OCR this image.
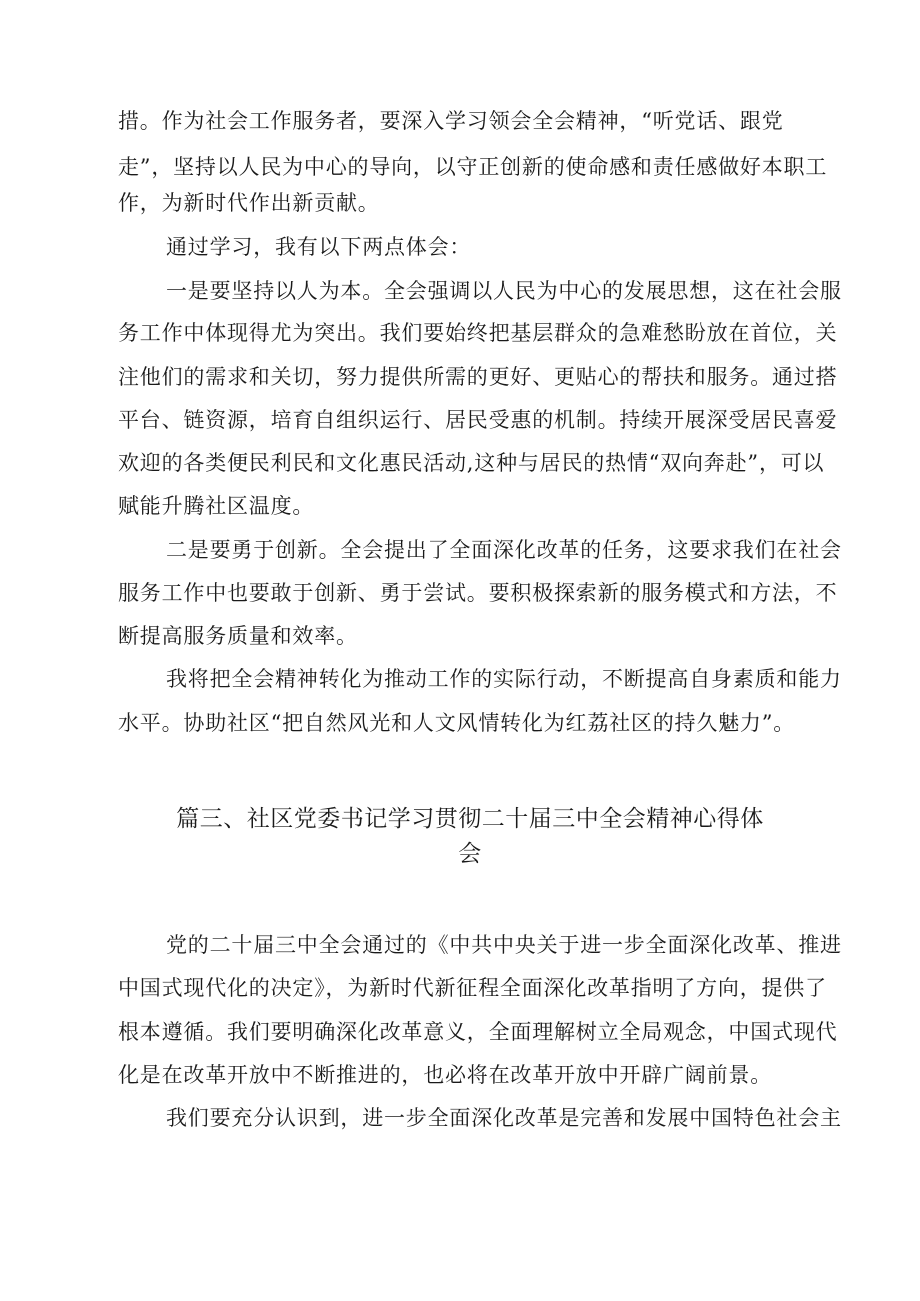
措。作为社会工作服务者，要深入学习领会全会精神，“听党话、跟党
走”，坚持以人民为中心的导向，以守正创新的使命感和责任感做好本职工
作，为新时代作出新贡献。
通过学习，我有以下两点体会：
一是要坚持以人为本。全会强调以人民为中心的发展思想，这在社会服
务工作中体现得尤为突出。我们要始终把基层群众的急难愁盼放在首位，关
注他们的需求和关切，努力提供所需的更好、更贴心的帮扶和服务。通过搭
平台、链资源，培育自组织运行、居民受惠的机制。持续开展深受居民喜爱
欢迎的各类便民利民和文化惠民活动,这种与居民的热情“双向奔赴”，可以
赋能升腾社区温度。
二是要勇于创新。全会提出了全面深化改革的任务，这要求我们在社会
服务工作中也要敢于创新、勇于尝试。要积极探索新的服务模式和方法，不
断提高服务质量和效率。
我将把全会精神转化为推动工作的实际行动，不断提高自身素质和能力
水平。协助社区“把自然风光和人文风情转化为红荔社区的持久魅力”。
篇三、社区党委书记学习贯彻二十届三中全会精神心得体
会
党的二十届三中全会通过的《中共中央关于进一步全面深化改革、推进
中国式现代化的决定》，为新时代新征程全面深化改革指明了方向，提供了
根本遵循。我们要明确深化改革意义，全面理解树立全局观念，中国式现代
化是在改革开放中不断推进的，也必将在改革开放中开辟广阔前景。
我们要充分认识到，进一步全面深化改革是完善和发展中国特色社会主
